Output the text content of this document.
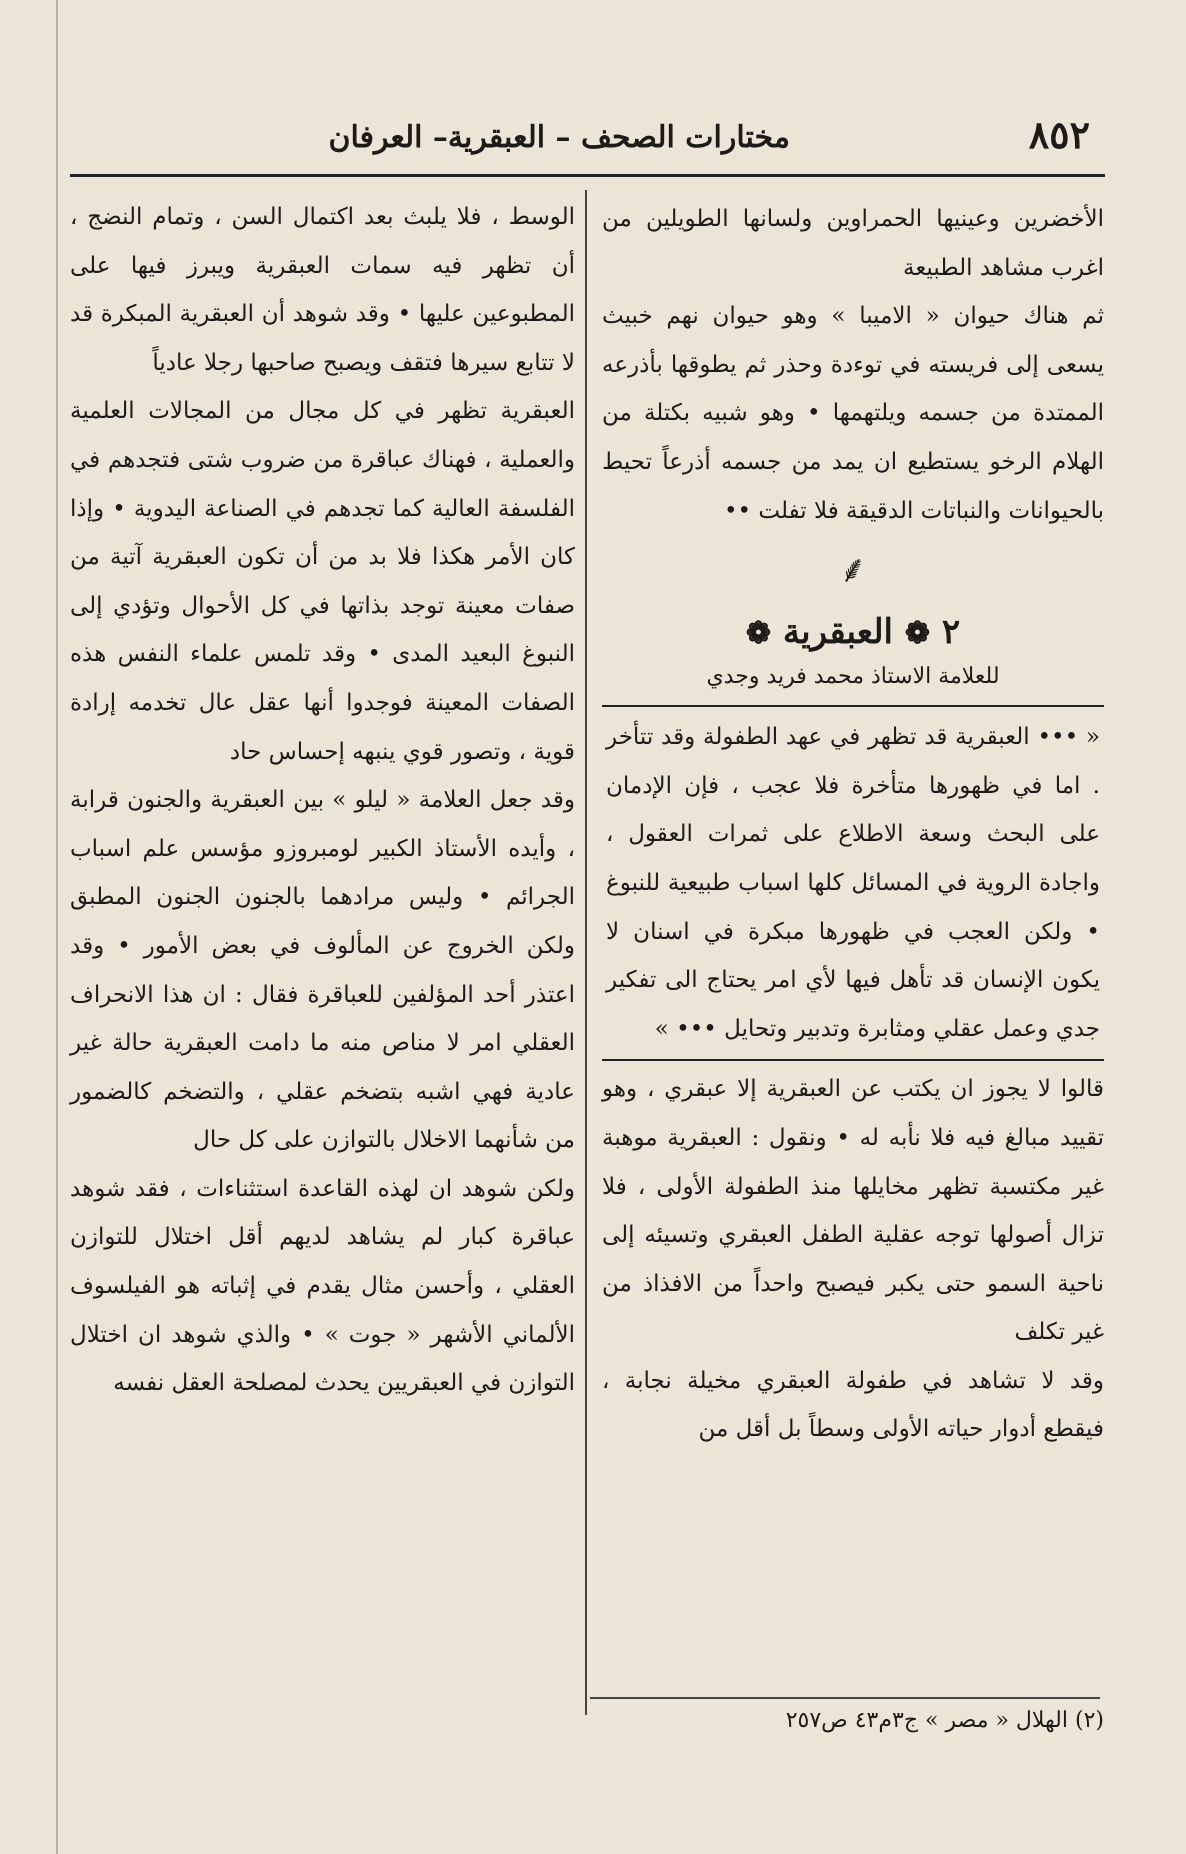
٨٥٢
مختارات الصحف – العبقرية– العرفان

الأخضرين وعينيها الحمراوين ولسانها الطويلين من اغرب مشاهد الطبيعة

ثم هناك حيوان « الاميبا » وهو حيوان نهم خبيث يسعى إلى فريسته في توءدة وحذر ثم يطوقها بأذرعه الممتدة من جسمه ويلتهمها • وهو شبيه بكتلة من الهلام الرخو يستطيع ان يمد من جسمه أذرعاً تحيط بالحيوانات والنباتات الدقيقة فلا تفلت ••

⸙
٢ ❁ العبقرية ❁
للعلامة الاستاذ محمد فريد وجدي

« ••• العبقرية قد تظهر في عهد الطفولة وقد تتأخر . اما في ظهورها متأخرة فلا عجب ، فإن الإدمان على البحث وسعة الاطلاع على ثمرات العقول ، واجادة الروية في المسائل كلها اسباب طبيعية للنبوغ • ولكن العجب في ظهورها مبكرة في اسنان لا يكون الإنسان قد تأهل فيها لأي امر يحتاج الى تفكير جدي وعمل عقلي ومثابرة وتدبير وتحايل ••• »

قالوا لا يجوز ان يكتب عن العبقرية إلا عبقري ، وهو تقييد مبالغ فيه فلا نأبه له • ونقول : العبقرية موهبة غير مكتسبة تظهر مخايلها منذ الطفولة الأولى ، فلا تزال أصولها توجه عقلية الطفل العبقري وتسيئه إلى ناحية السمو حتى يكبر فيصبح واحداً من الافذاذ من غير تكلف

وقد لا تشاهد في طفولة العبقري مخيلة نجابة ، فيقطع أدوار حياته الأولى وسطاً بل أقل من

الوسط ، فلا يلبث بعد اكتمال السن ، وتمام النضج ، أن تظهر فيه سمات العبقرية ويبرز فيها على المطبوعين عليها • وقد شوهد أن العبقرية المبكرة قد لا تتابع سيرها فتقف ويصبح صاحبها رجلا عادياً

العبقرية تظهر في كل مجال من المجالات العلمية والعملية ، فهناك عباقرة من ضروب شتى فتجدهم في الفلسفة العالية كما تجدهم في الصناعة اليدوية • وإذا كان الأمر هكذا فلا بد من أن تكون العبقرية آتية من صفات معينة توجد بذاتها في كل الأحوال وتؤدي إلى النبوغ البعيد المدى • وقد تلمس علماء النفس هذه الصفات المعينة فوجدوا أنها عقل عال تخدمه إرادة قوية ، وتصور قوي ينبهه إحساس حاد

وقد جعل العلامة « ليلو » بين العبقرية والجنون قرابة ، وأيده الأستاذ الكبير لومبروزو مؤسس علم اسباب الجرائم • وليس مرادهما بالجنون الجنون المطبق ولكن الخروج عن المألوف في بعض الأمور • وقد اعتذر أحد المؤلفين للعباقرة فقال : ان هذا الانحراف العقلي امر لا مناص منه ما دامت العبقرية حالة غير عادية فهي اشبه بتضخم عقلي ، والتضخم كالضمور من شأنهما الاخلال بالتوازن على كل حال

ولكن شوهد ان لهذه القاعدة استثناءات ، فقد شوهد عباقرة كبار لم يشاهد لديهم أقل اختلال للتوازن العقلي ، وأحسن مثال يقدم في إثباته هو الفيلسوف الألماني الأشهر « جوت » • والذي شوهد ان اختلال التوازن في العبقريين يحدث لمصلحة العقل نفسه

(٢) الهلال « مصر » ج٣م٤٣ ص٢٥٧
